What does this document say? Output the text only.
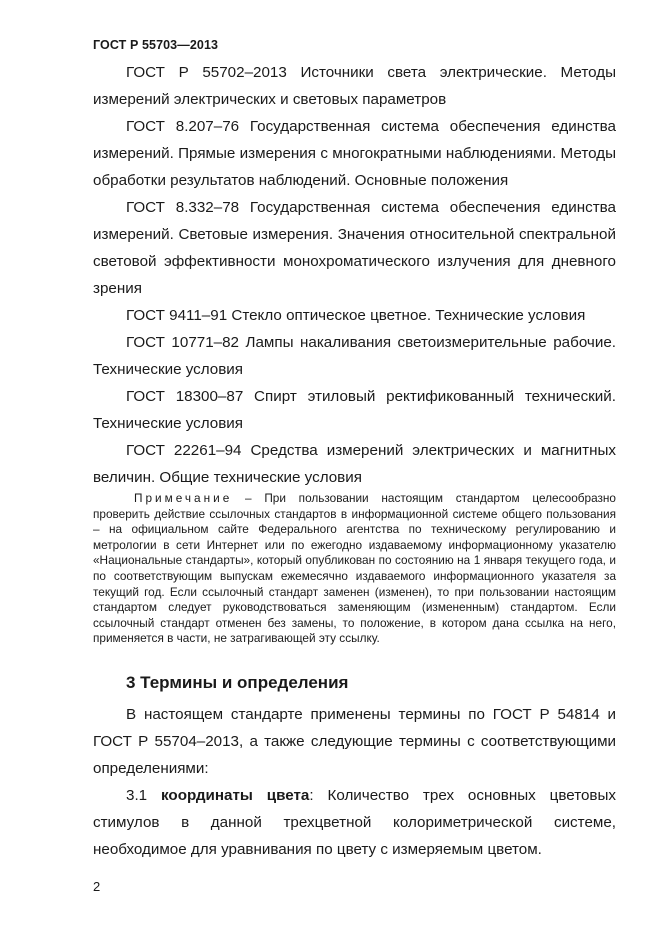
ГОСТ Р 55703—2013

ГОСТ Р 55702–2013 Источники света электрические. Методы измерений электрических и световых параметров

ГОСТ 8.207–76 Государственная система обеспечения единства измерений. Прямые измерения с многократными наблюдениями. Методы обработки результатов наблюдений. Основные положения

ГОСТ 8.332–78 Государственная система обеспечения единства измерений. Световые измерения. Значения относительной спектральной световой эффективности монохроматического излучения для дневного зрения

ГОСТ 9411–91 Стекло оптическое цветное. Технические условия

ГОСТ 10771–82 Лампы накаливания светоизмерительные рабочие. Технические условия

ГОСТ 18300–87 Спирт этиловый ректификованный технический. Технические условия

ГОСТ 22261–94 Средства измерений электрических и магнитных величин. Общие технические условия

Примечание – При пользовании настоящим стандартом целесообразно проверить действие ссылочных стандартов в информационной системе общего пользования – на официальном сайте Федерального агентства по техническому регулированию и метрологии в сети Интернет или по ежегодно издаваемому информационному указателю «Национальные стандарты», который опубликован по состоянию на 1 января текущего года, и по соответствующим выпускам ежемесячно издаваемого информационного указателя за текущий год. Если ссылочный стандарт заменен (изменен), то при пользовании настоящим стандартом следует руководствоваться заменяющим (измененным) стандартом. Если ссылочный стандарт отменен без замены, то положение, в котором дана ссылка на него, применяется в части, не затрагивающей эту ссылку.
3 Термины и определения

В настоящем стандарте применены термины по ГОСТ Р 54814 и ГОСТ Р 55704–2013, а также следующие термины с соответствующими определениями:

3.1 координаты цвета: Количество трех основных цветовых стимулов в данной трехцветной колориметрической системе, необходимое для уравнивания по цвету с измеряемым цветом.

2
